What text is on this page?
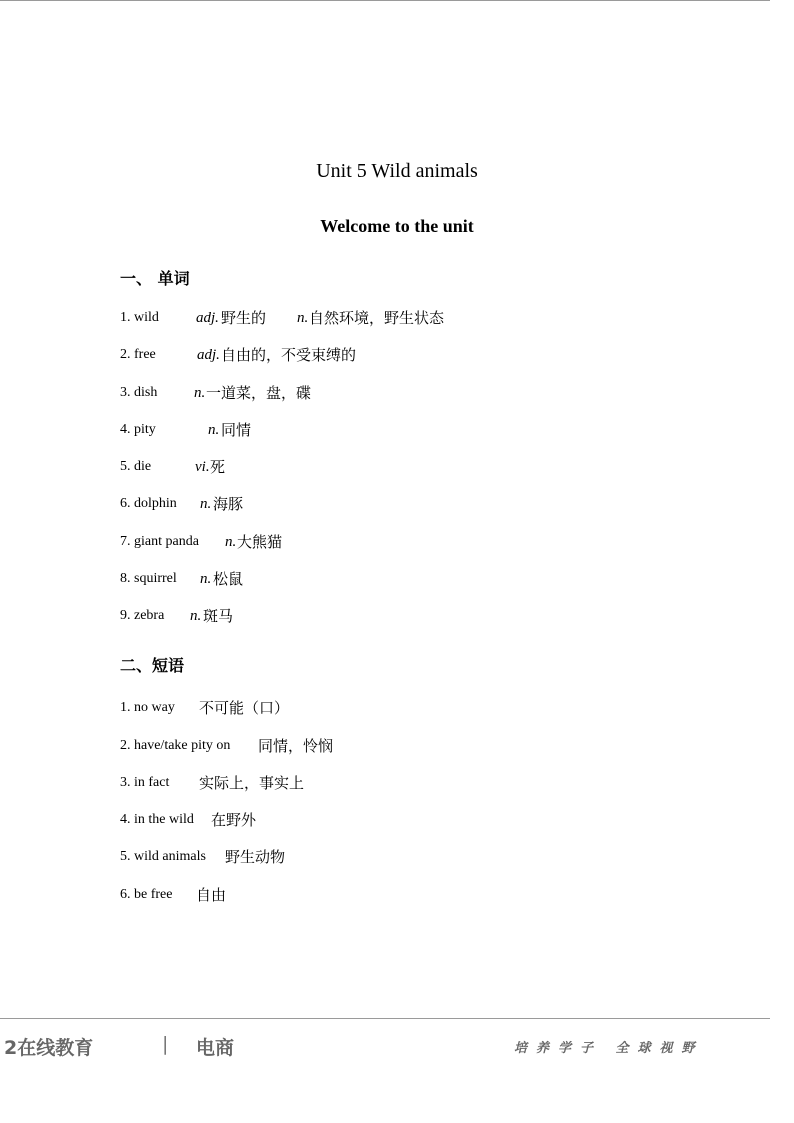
Unit 5 Wild animals
Welcome to the unit
一、 单词
1. wild adj. 野生的 n. 自然环境，野生状态
2. free	adj. 自由的，不受束缚的
3. dish n. 一道菜，盘，碟
4. pity	n. 同情
5. die	vi. 死
6. dolphin n. 海豚
7. giant panda n. 大熊猫
8. squirrel n. 松鼠
9. zebra n. 斑马
二、短语
1. no way 不可能（口）
2. have/take pity on 同情，怜悯
3. in fact 实际上，事实上
4. in the wild 在野外
5. wild animals 野生动物
6. be free 自由
2在线教育	| 电商	培养学子 全球视野
